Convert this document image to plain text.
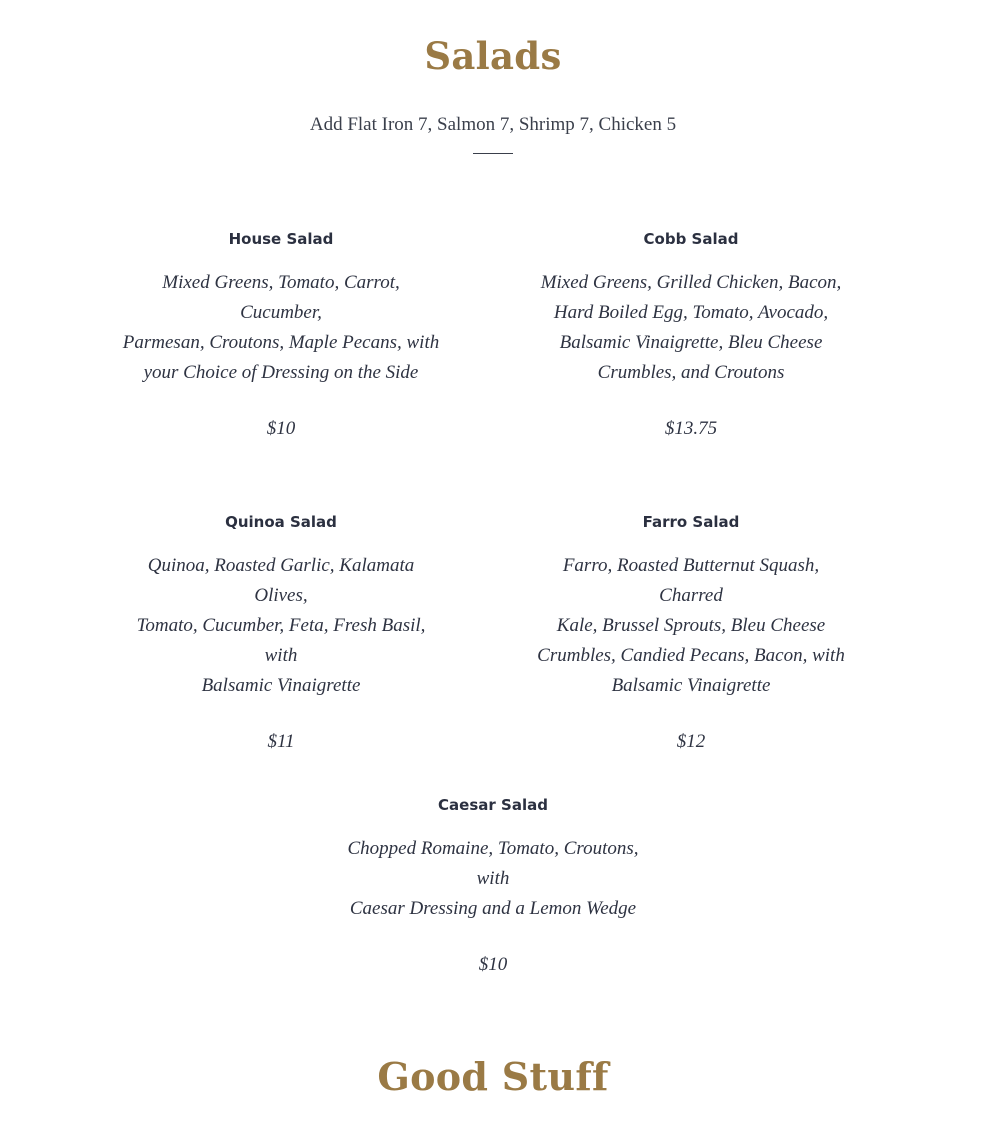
Salads
Add Flat Iron 7, Salmon 7, Shrimp 7, Chicken 5
House Salad
Mixed Greens, Tomato, Carrot, Cucumber,
Parmesan, Croutons, Maple Pecans, with
your Choice of Dressing on the Side
$10
Cobb Salad
Mixed Greens, Grilled Chicken, Bacon,
Hard Boiled Egg, Tomato, Avocado,
Balsamic Vinaigrette, Bleu Cheese
Crumbles, and Croutons
$13.75
Quinoa Salad
Quinoa, Roasted Garlic, Kalamata Olives,
Tomato, Cucumber, Feta, Fresh Basil, with
Balsamic Vinaigrette
$11
Farro Salad
Farro, Roasted Butternut Squash, Charred
Kale, Brussel Sprouts, Bleu Cheese
Crumbles, Candied Pecans, Bacon, with
Balsamic Vinaigrette
$12
Caesar Salad
Chopped Romaine, Tomato, Croutons, with
Caesar Dressing and a Lemon Wedge
$10
Good Stuff
